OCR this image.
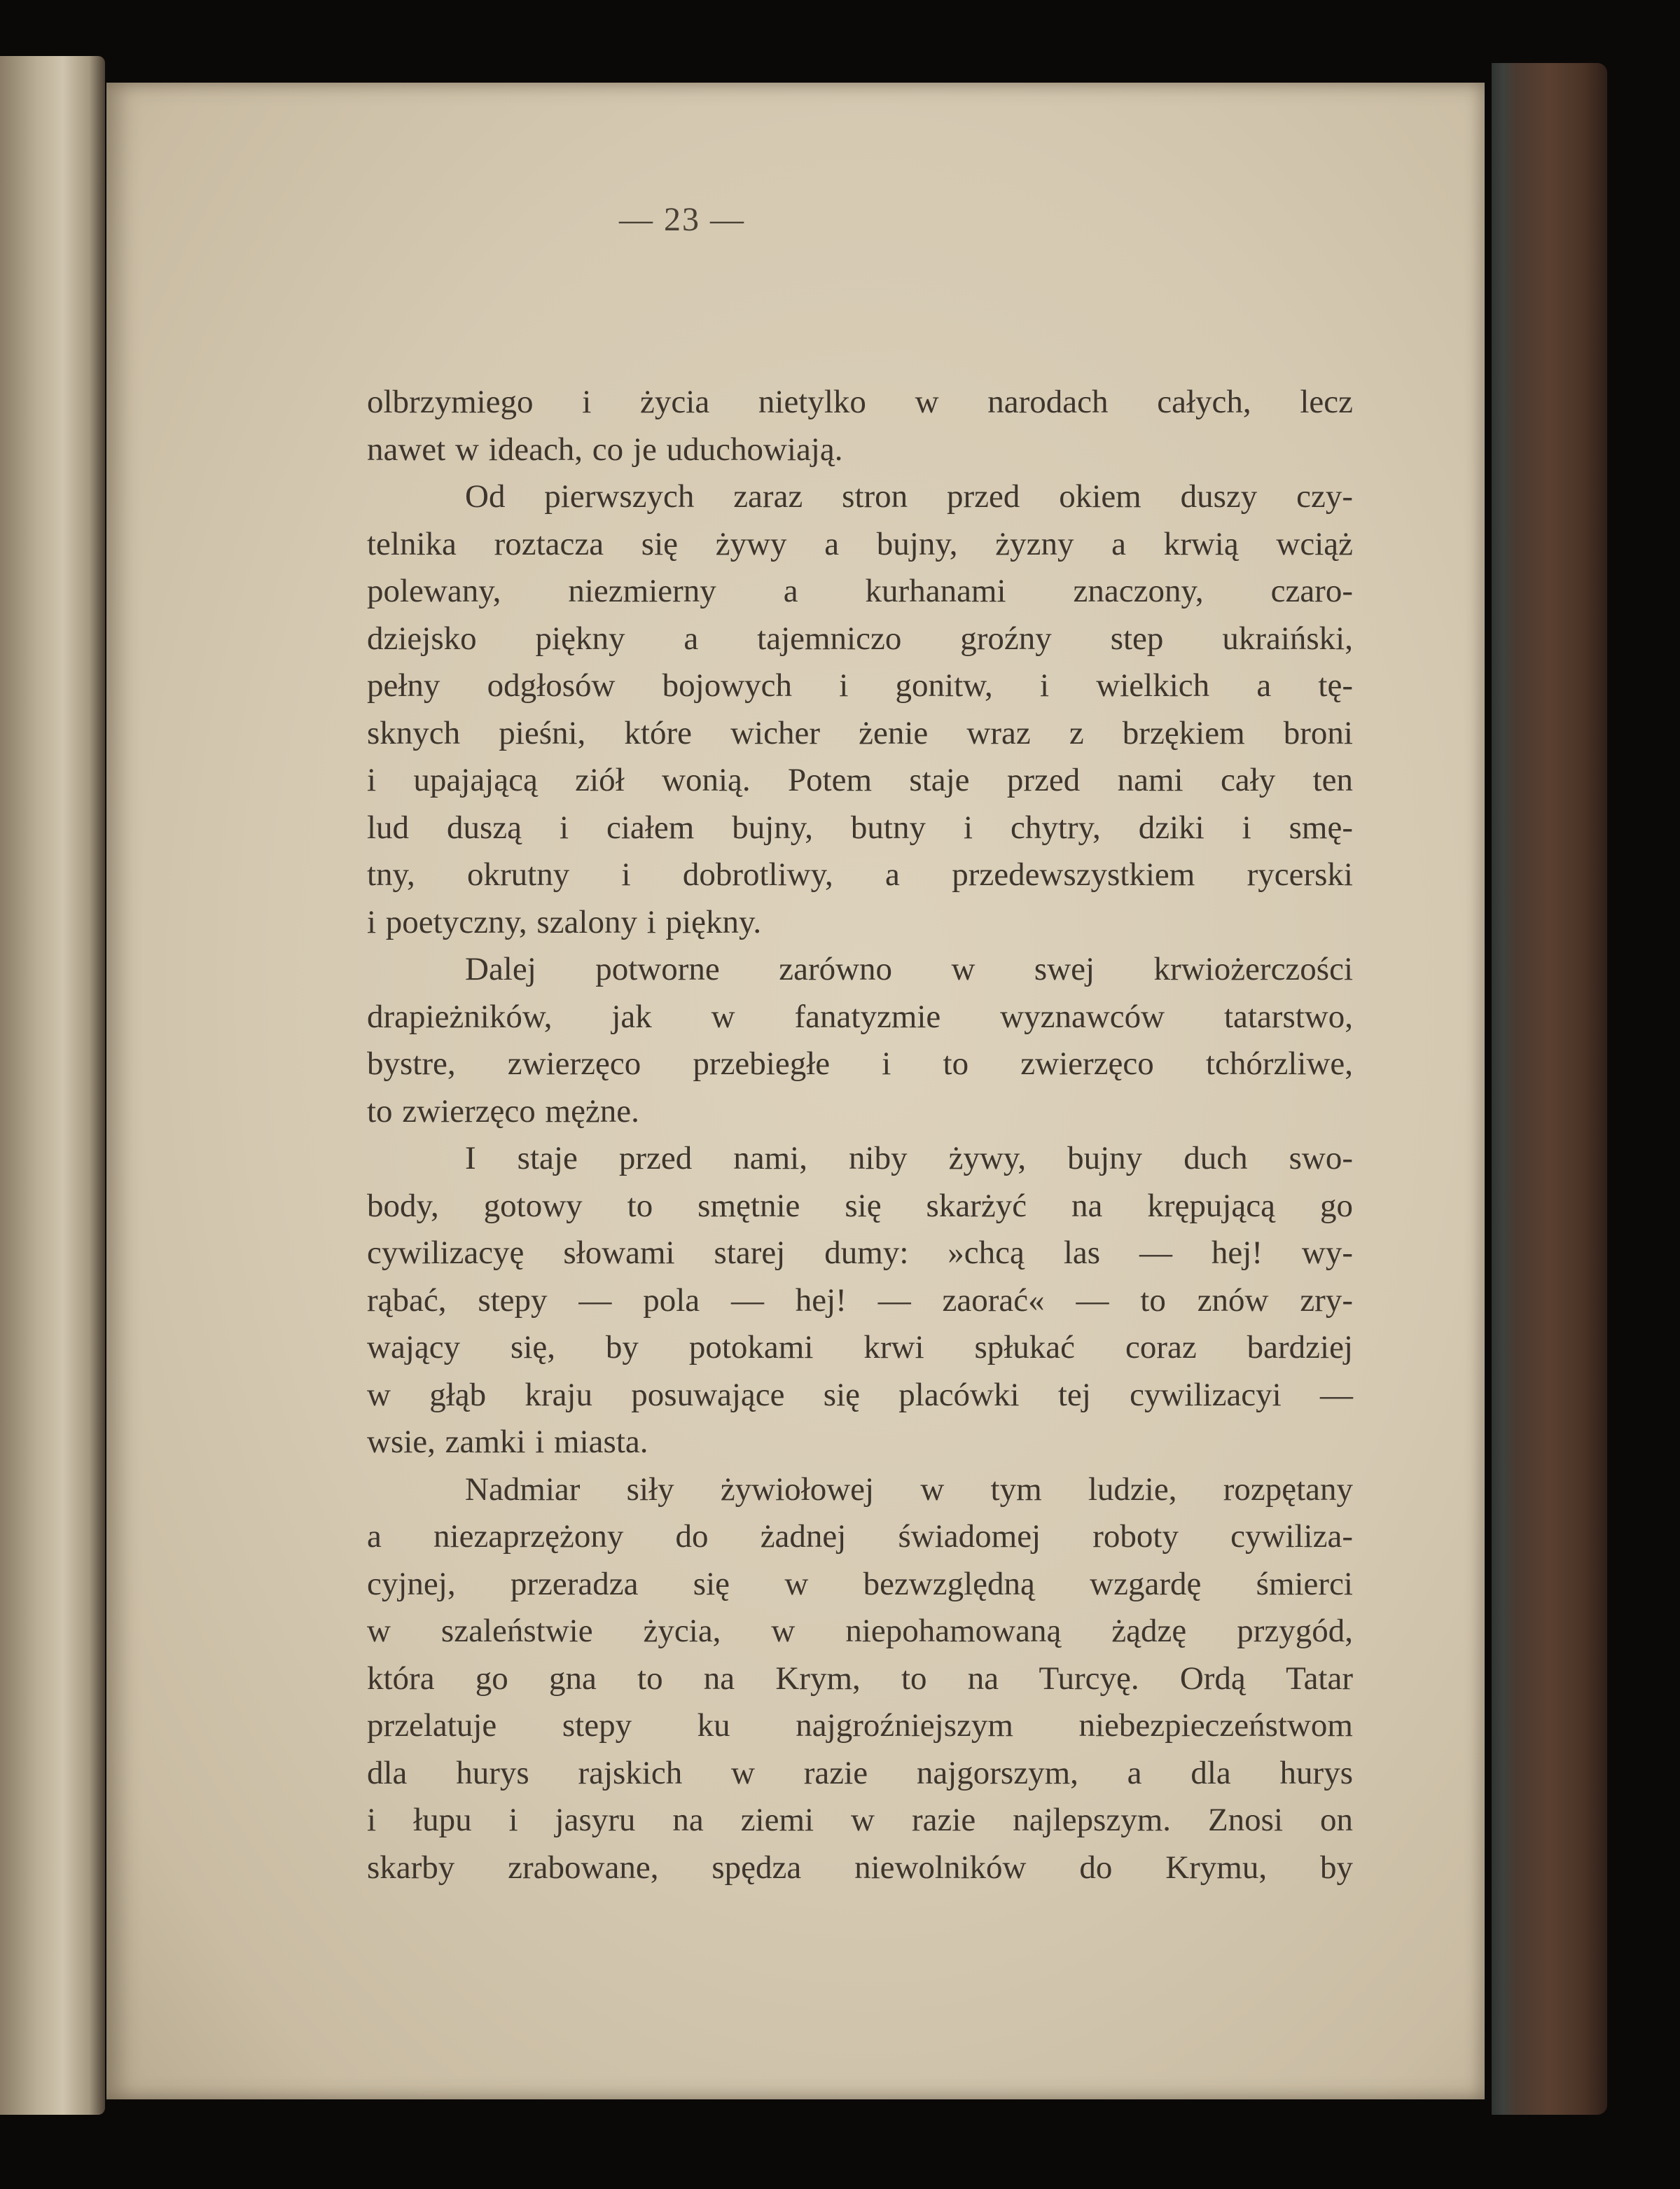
— 23 —
olbrzymiego i życia nietylko w narodach całych, lecz
nawet w ideach, co je uduchowiają.
Od pierwszych zaraz stron przed okiem duszy czy-
telnika roztacza się żywy a bujny, żyzny a krwią wciąż
polewany, niezmierny a kurhanami znaczony, czaro-
dziejsko piękny a tajemniczo groźny step ukraiński,
pełny odgłosów bojowych i gonitw, i wielkich a tę-
sknych pieśni, które wicher żenie wraz z brzękiem broni
i upajającą ziół wonią. Potem staje przed nami cały ten
lud duszą i ciałem bujny, butny i chytry, dziki i smę-
tny, okrutny i dobrotliwy, a przedewszystkiem rycerski
i poetyczny, szalony i piękny.
Dalej potworne zarówno w swej krwiożerczości
drapieżników, jak w fanatyzmie wyznawców tatarstwo,
bystre, zwierzęco przebiegłe i to zwierzęco tchórzliwe,
to zwierzęco mężne.
I staje przed nami, niby żywy, bujny duch swo-
body, gotowy to smętnie się skarżyć na krępującą go
cywilizacyę słowami starej dumy: »chcą las — hej! wy-
rąbać, stepy — pola — hej! — zaorać« — to znów zry-
wający się, by potokami krwi spłukać coraz bardziej
w głąb kraju posuwające się placówki tej cywilizacyi —
wsie, zamki i miasta.
Nadmiar siły żywiołowej w tym ludzie, rozpętany
a niezaprzężony do żadnej świadomej roboty cywiliza-
cyjnej, przeradza się w bezwzględną wzgardę śmierci
w szaleństwie życia, w niepohamowaną żądzę przygód,
która go gna to na Krym, to na Turcyę. Ordą Tatar
przelatuje stepy ku najgroźniejszym niebezpieczeństwom
dla hurys rajskich w razie najgorszym, a dla hurys
i łupu i jasyru na ziemi w razie najlepszym. Znosi on
skarby zrabowane, spędza niewolników do Krymu, by
